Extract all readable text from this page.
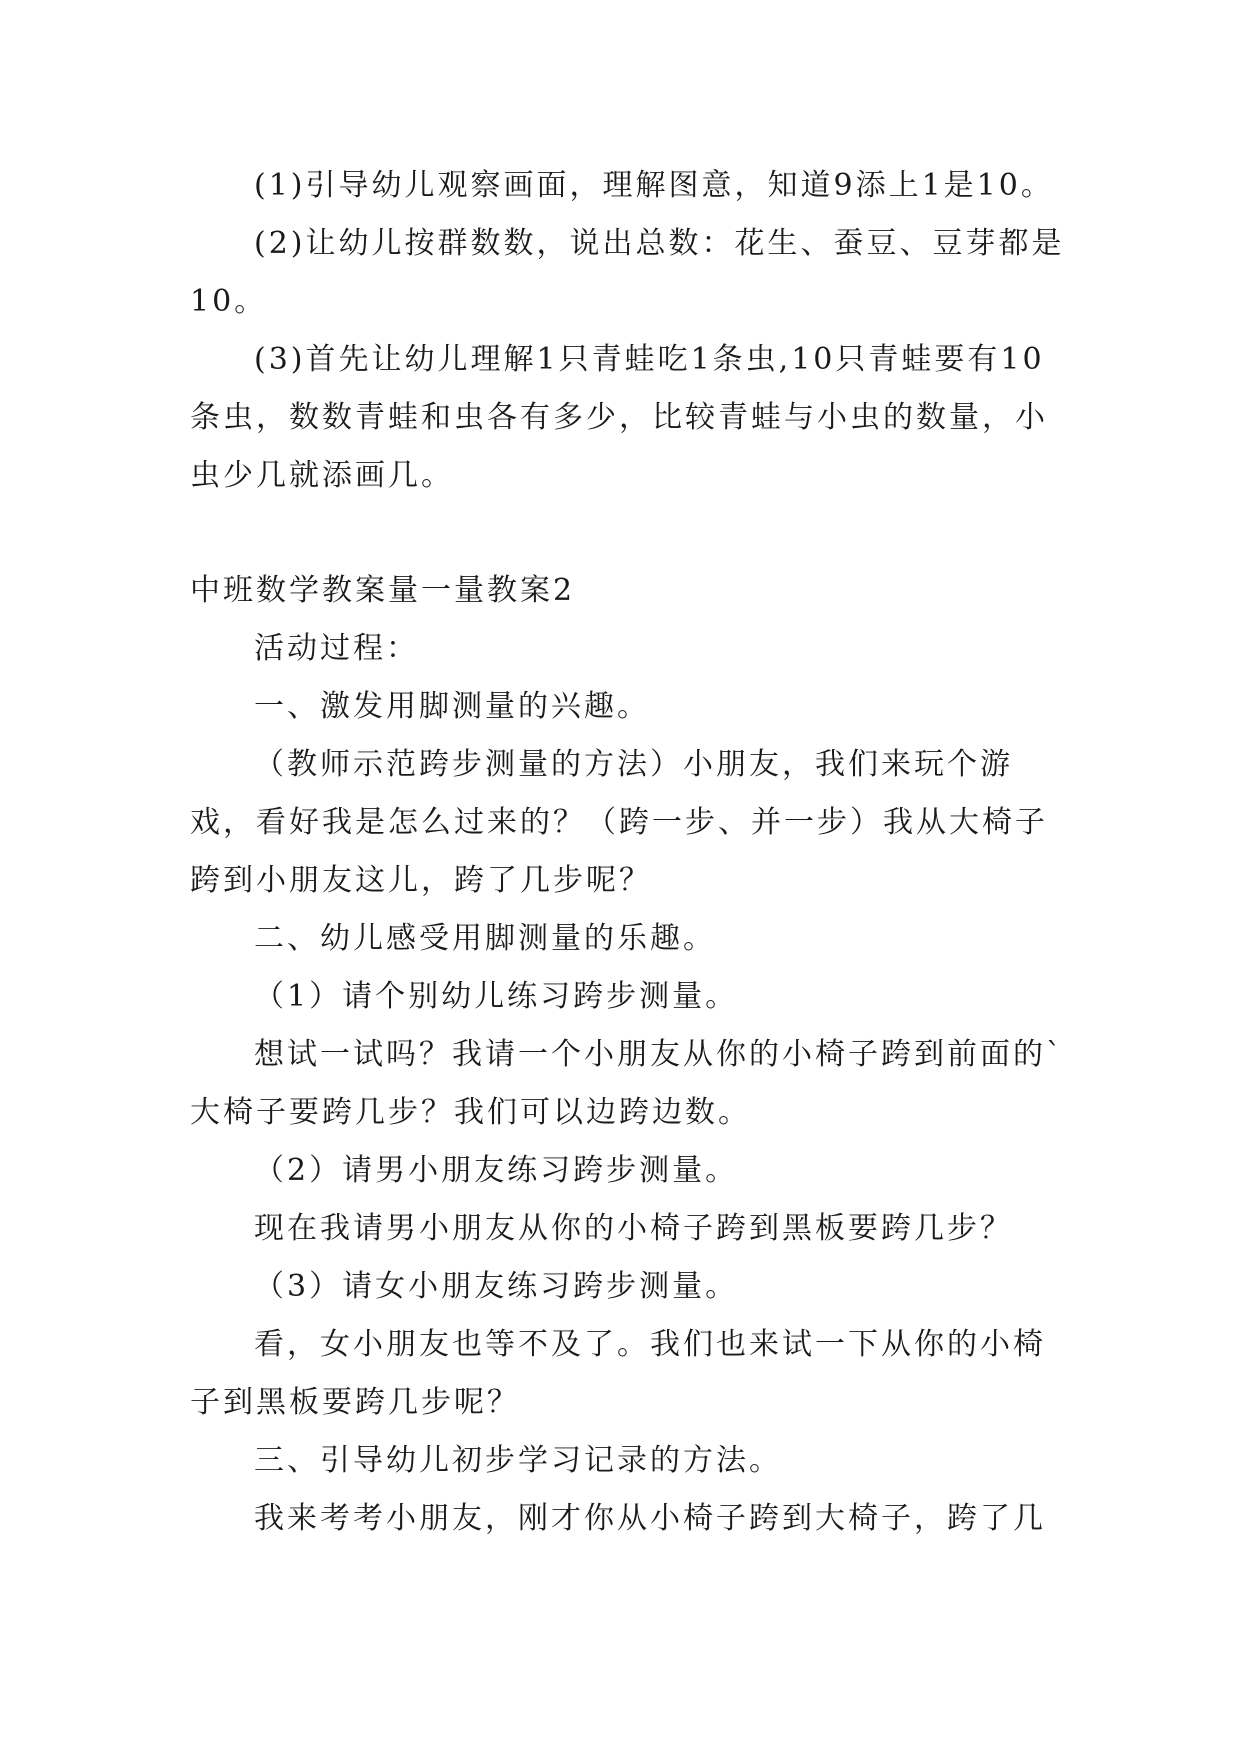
(1)引导幼儿观察画面，理解图意，知道9添上1是10。

(2)让幼儿按群数数，说出总数：花生、蚕豆、豆芽都是10。

(3)首先让幼儿理解1只青蛙吃1条虫,10只青蛙要有10条虫，数数青蛙和虫各有多少，比较青蛙与小虫的数量，小虫少几就添画几。

中班数学教案量一量教案2

活动过程：

一、激发用脚测量的兴趣。

（教师示范跨步测量的方法）小朋友，我们来玩个游戏，看好我是怎么过来的？（跨一步、并一步）我从大椅子跨到小朋友这儿，跨了几步呢？

二、幼儿感受用脚测量的乐趣。

（1）请个别幼儿练习跨步测量。

想试一试吗？我请一个小朋友从你的小椅子跨到前面的`大椅子要跨几步？我们可以边跨边数。

（2）请男小朋友练习跨步测量。

现在我请男小朋友从你的小椅子跨到黑板要跨几步？

（3）请女小朋友练习跨步测量。

看，女小朋友也等不及了。我们也来试一下从你的小椅子到黑板要跨几步呢？

三、引导幼儿初步学习记录的方法。

我来考考小朋友，刚才你从小椅子跨到大椅子，跨了几
